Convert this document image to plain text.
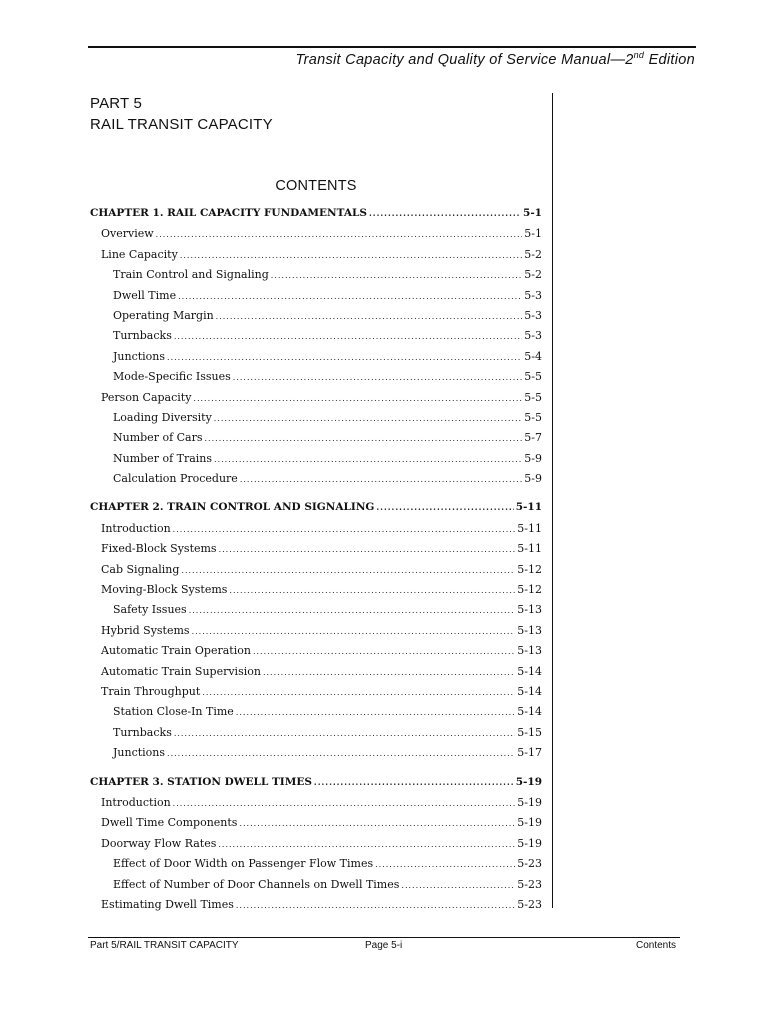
Transit Capacity and Quality of Service Manual—2nd Edition
PART 5
RAIL TRANSIT CAPACITY
CONTENTS
CHAPTER 1. RAIL CAPACITY FUNDAMENTALS .....	5-1
Overview .....	5-1
Line Capacity .....	5-2
Train Control and Signaling .....	5-2
Dwell Time .....	5-3
Operating Margin .....	5-3
Turnbacks .....	5-3
Junctions .....	5-4
Mode-Specific Issues .....	5-5
Person Capacity .....	5-5
Loading Diversity .....	5-5
Number of Cars .....	5-7
Number of Trains .....	5-9
Calculation Procedure .....	5-9
CHAPTER 2. TRAIN CONTROL AND SIGNALING .....	5-11
Introduction .....	5-11
Fixed-Block Systems .....	5-11
Cab Signaling .....	5-12
Moving-Block Systems .....	5-12
Safety Issues .....	5-13
Hybrid Systems .....	5-13
Automatic Train Operation .....	5-13
Automatic Train Supervision .....	5-14
Train Throughput .....	5-14
Station Close-In Time .....	5-14
Turnbacks .....	5-15
Junctions .....	5-17
CHAPTER 3. STATION DWELL TIMES .....	5-19
Introduction .....	5-19
Dwell Time Components .....	5-19
Doorway Flow Rates .....	5-19
Effect of Door Width on Passenger Flow Times .....	5-23
Effect of Number of Door Channels on Dwell Times .....	5-23
Estimating Dwell Times .....	5-23
Part 5/RAIL TRANSIT CAPACITY	Page 5-i	Contents
